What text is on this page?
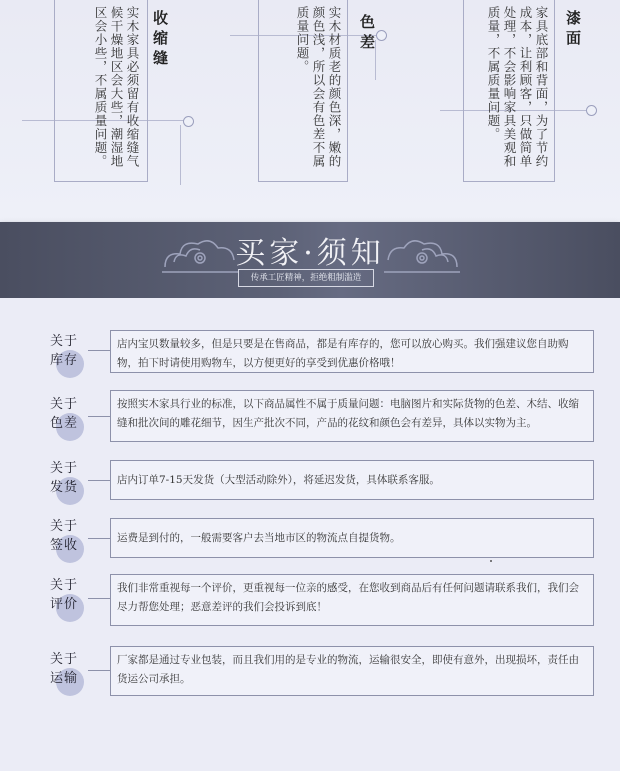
实木家具必须留有收缩缝气候干燥地区会大些，潮湿地区会小些，不属质量问题。	收缩缝	实木材质老的颜色深，嫩的颜色浅，所以会有色差不属质量问题。	色差	家具底部和背面，为了节约成本，让利顾客，只做简单处理，不会影响家具美观和质量，不属质量问题。	漆面
买家·须知
传承工匠精神，拒绝粗制滥造
关于
库存
店内宝贝数量较多，但是只要是在售商品，都是有库存的，您可以放心购买。我们强建议您自助购物，拍下时请使用购物车，以方便更好的享受到优惠价格哦！
关于
色差
按照实木家具行业的标准，以下商品属性不属于质量问题：电脑图片和实际货物的色差、木结、收缩缝和批次间的雕花细节，因生产批次不同，产品的花纹和颜色会有差异，具体以实物为主。
关于
发货	店内订单7-15天发货（大型活动除外），将延迟发货，具体联系客服。
关于
签收	运费是到付的，一般需要客户去当地市区的物流点自提货物。
关于
评价
我们非常重视每一个评价，更重视每一位亲的感受，在您收到商品后有任何问题请联系我们，我们会尽力帮您处理；恶意差评的我们会投诉到底！
关于
运输
厂家都是通过专业包装，而且我们用的是专业的物流，运输很安全，即使有意外，出现损坏，责任由货运公司承担。
